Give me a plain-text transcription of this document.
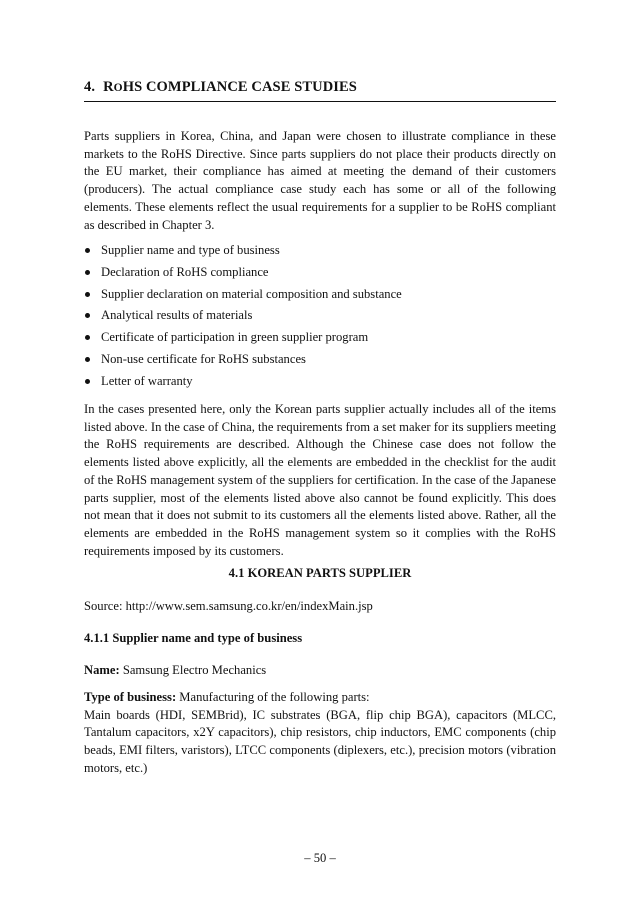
4. ROHS COMPLIANCE CASE STUDIES

Parts suppliers in Korea, China, and Japan were chosen to illustrate compliance in these markets to the RoHS Directive. Since parts suppliers do not place their products directly on the EU market, their compliance has aimed at meeting the demand of their customers (producers). The actual compliance case study each has some or all of the following elements. These elements reflect the usual requirements for a supplier to be RoHS compliant as described in Chapter 3.

Supplier name and type of business
Declaration of RoHS compliance
Supplier declaration on material composition and substance
Analytical results of materials
Certificate of participation in green supplier program
Non-use certificate for RoHS substances
Letter of warranty

In the cases presented here, only the Korean parts supplier actually includes all of the items listed above. In the case of China, the requirements from a set maker for its suppliers meeting the RoHS requirements are described. Although the Chinese case does not follow the elements listed above explicitly, all the elements are embedded in the checklist for the audit of the RoHS management system of the suppliers for certification. In the case of the Japanese parts supplier, most of the elements listed above also cannot be found explicitly. This does not mean that it does not submit to its customers all the elements listed above. Rather, all the elements are embedded in the RoHS management system so it complies with the RoHS requirements imposed by its customers.

4.1 KOREAN PARTS SUPPLIER

Source: http://www.sem.samsung.co.kr/en/indexMain.jsp

4.1.1 Supplier name and type of business

Name: Samsung Electro Mechanics

Type of business: Manufacturing of the following parts:

Main boards (HDI, SEMBrid), IC substrates (BGA, flip chip BGA), capacitors (MLCC, Tantalum capacitors, x2Y capacitors), chip resistors, chip inductors, EMC components (chip beads, EMI filters, varistors), LTCC components (diplexers, etc.), precision motors (vibration motors, etc.)

– 50 –
